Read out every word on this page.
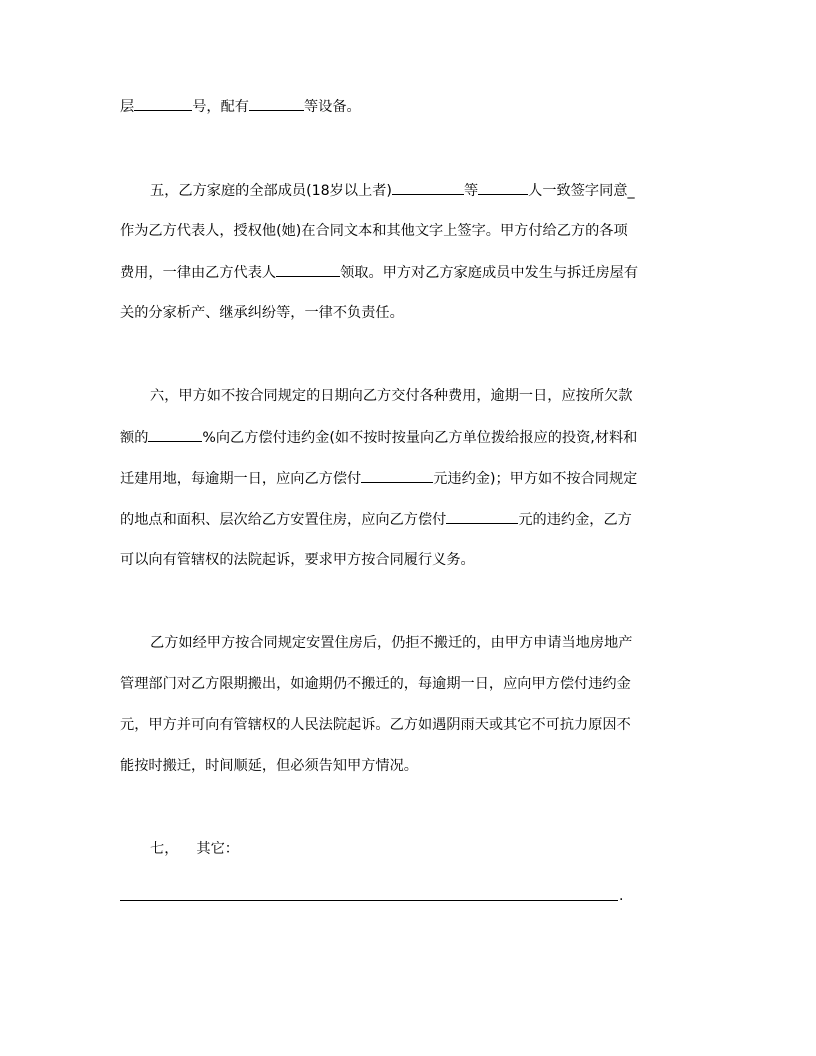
层	号，配有	等设备。
五，乙方家庭的全部成员(18岁以上者)	等	人一致签字同意_
作为乙方代表人，授权他(她)在合同文本和其他文字上签字。甲方付给乙方的各项
费用，一律由乙方代表人	领取。甲方对乙方家庭成员中发生与拆迁房屋有
关的分家析产、继承纠纷等，一律不负责任。
六，甲方如不按合同规定的日期向乙方交付各种费用，逾期一日，应按所欠款
额的	%向乙方偿付违约金(如不按时按量向乙方单位拨给报应的投资,材料和
迁建用地，每逾期一日，应向乙方偿付	元违约金)；甲方如不按合同规定
的地点和面积、层次给乙方安置住房，应向乙方偿付	元的违约金，乙方
可以向有管辖权的法院起诉，要求甲方按合同履行义务。
乙方如经甲方按合同规定安置住房后，仍拒不搬迁的，由甲方申请当地房地产
管理部门对乙方限期搬出，如逾期仍不搬迁的，每逾期一日，应向甲方偿付违约金
元，甲方并可向有管辖权的人民法院起诉。乙方如遇阴雨天或其它不可抗力原因不
能按时搬迁，时间顺延，但必须告知甲方情况。
七， 其它：
.
